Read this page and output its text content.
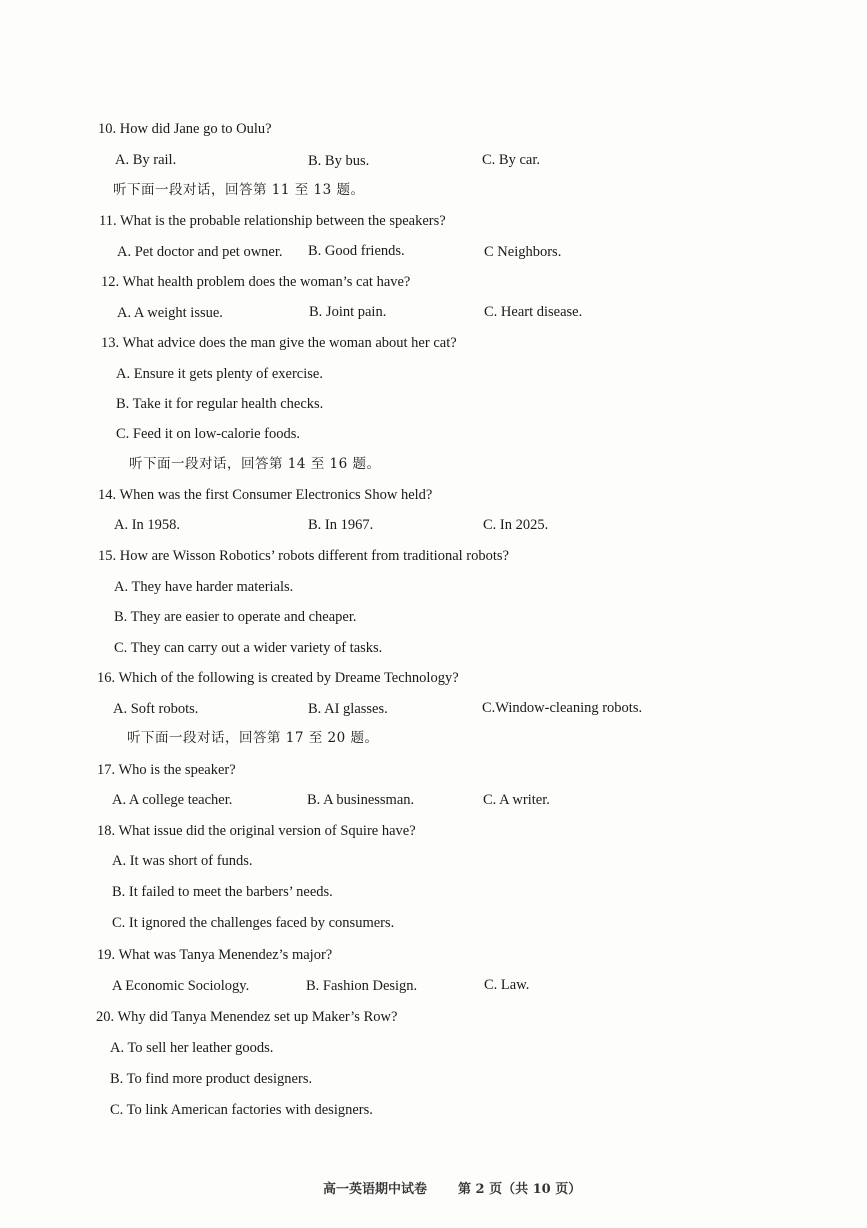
10. How did Jane go to Oulu?
A. By rail.	B. By bus.	C. By car.
听下面一段对话，回答第 11 至 13 题。
11. What is the probable relationship between the speakers?
A. Pet doctor and pet owner. B. Good friends.	C Neighbors.
12. What health problem does the woman’s cat have?
A. A weight issue.	B. Joint pain.	C. Heart disease.
13. What advice does the man give the woman about her cat?
A. Ensure it gets plenty of exercise.
B. Take it for regular health checks.
C. Feed it on low-calorie foods.
听下面一段对话，回答第 14 至 16 题。
14. When was the first Consumer Electronics Show held?
A. In 1958.	B. In 1967.	C. In 2025.
15. How are Wisson Robotics’ robots different from traditional robots?
A. They have harder materials.
B. They are easier to operate and cheaper.
C. They can carry out a wider variety of tasks.
16. Which of the following is created by Dreame Technology?
A. Soft robots.	B. AI glasses.	C.Window-cleaning robots.
听下面一段对话，回答第 17 至 20 题。
17. Who is the speaker?
A. A college teacher.	B. A businessman.	C. A writer.
18. What issue did the original version of Squire have?
A. It was short of funds.
B. It failed to meet the barbers’ needs.
C. It ignored the challenges faced by consumers.
19. What was Tanya Menendez’s major?
A Economic Sociology.	B. Fashion Design.	C. Law.
20. Why did Tanya Menendez set up Maker’s Row?
A. To sell her leather goods.
B. To find more product designers.
C. To link American factories with designers.
高一英语期中试卷 第 2 页（共 10 页）
